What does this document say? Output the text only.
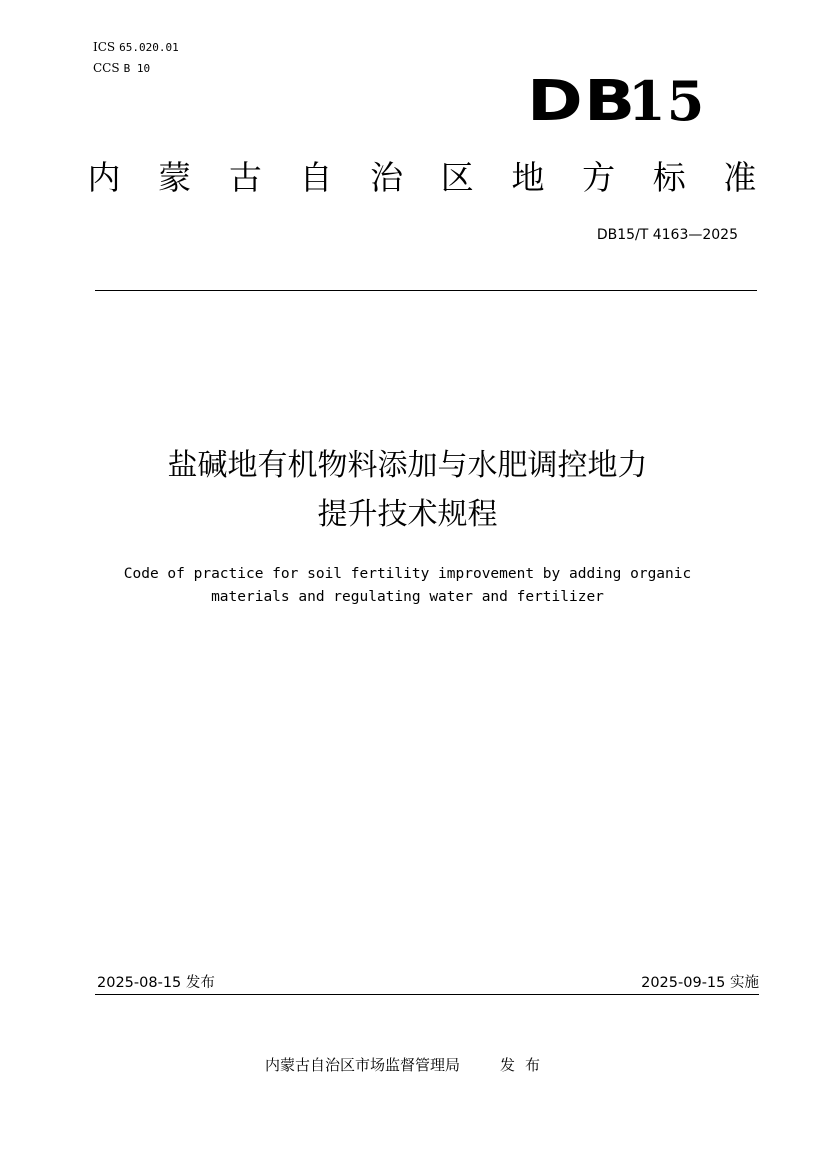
ICS 65.020.01
CCS B 10
DB15
内 蒙 古 自 治 区 地 方 标 准
DB15/T 4163—2025
盐碱地有机物料添加与水肥调控地力
提升技术规程
Code of practice for soil fertility improvement by adding organic
materials and regulating water and fertilizer
2025-08-15 发布	2025-09-15 实施
内蒙古自治区市场监督管理局	发布
